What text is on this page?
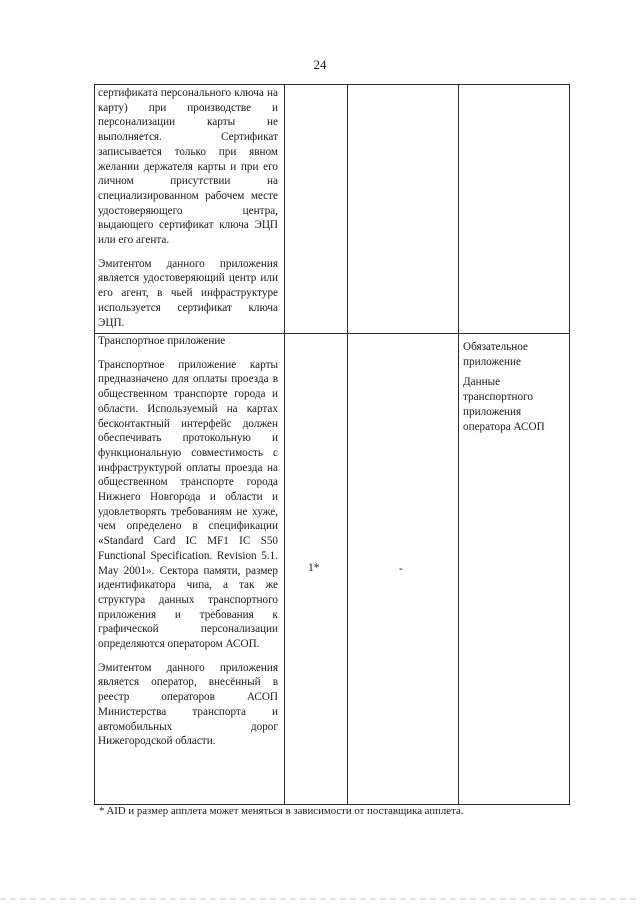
24

сертификата персонального ключа на карту) при производстве и персонализации карты не выполняется. Сертификат записывается только при явном желании держателя карты и при его личном присутствии на специализированном рабочем месте удостоверяющего центра, выдающего сертификат ключа ЭЦП или его агента.

Эмитентом данного приложения является удостоверяющий центр или его агент, в чьей инфраструктуре используется сертификат ключа ЭЦП.

Транспортное приложение

Транспортное приложение карты предназначено для оплаты проезда в общественном транспорте города и области. Используемый на картах бесконтактный интерфейс должен обеспечивать протокольную и функциональную совместимость с инфраструктурой оплаты проезда на общественном транспорте города Нижнего Новгорода и области и удовлетворять требованиям не хуже, чем определено в спецификации «Standard Card IC MF1 IC S50 Functional Specification. Revision 5.1. May 2001». Сектора памяти, размер идентификатора чипа, а так же структура данных транспортного приложения и требования к графической персонализации определяются оператором АСОП.

Эмитентом данного приложения является оператор, внесённый в реестр операторов АСОП Министерства транспорта и автомобильных дорог Нижегородской области.

1*	-

Обязательное приложение

Данные транспортного приложения оператора АСОП

* AID и размер апплета может меняться в зависимости от поставщика апплета.
